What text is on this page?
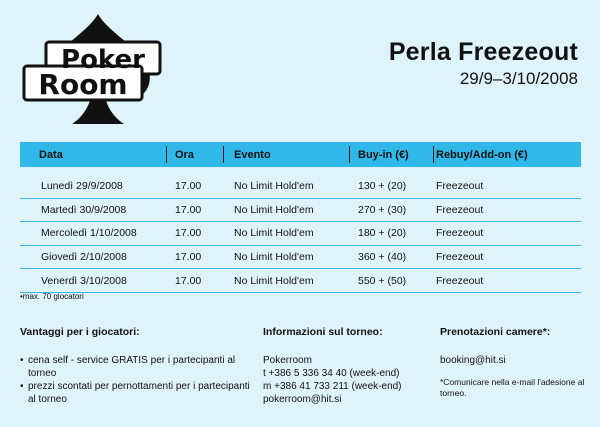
Poker
Room
Perla Freezeout
29/9–3/10/2008
Data	Ora	Evento	Buy-in (€)	Rebuy/Add-on (€)
Lunedì 29/9/2008	17.00	No Limit Hold'em	130 + (20)	Freezeout
Martedì 30/9/2008	17.00	No Limit Hold'em	270 + (30)	Freezeout
Mercoledì 1/10/2008	17.00	No Limit Hold'em	180 + (20)	Freezeout
Giovedì 2/10/2008	17.00	No Limit Hold'em	360 + (40)	Freezeout
Venerdì 3/10/2008	17.00	No Limit Hold'em	550 + (50)	Freezeout
•max. 70 giocatori
Vantaggi per i giocatori:
• cena self - service GRATIS per i partecipanti al torneo
• prezzi scontati per pernottamenti per i partecipanti al torneo
Informazioni sul torneo:
Pokerroom
t +386 5 336 34 40 (week-end)
m +386 41 733 211 (week-end)
pokerroom@hit.si
Prenotazioni camere*:
booking@hit.si
*Comunicare nella e-mail l'adesione al torneo.
